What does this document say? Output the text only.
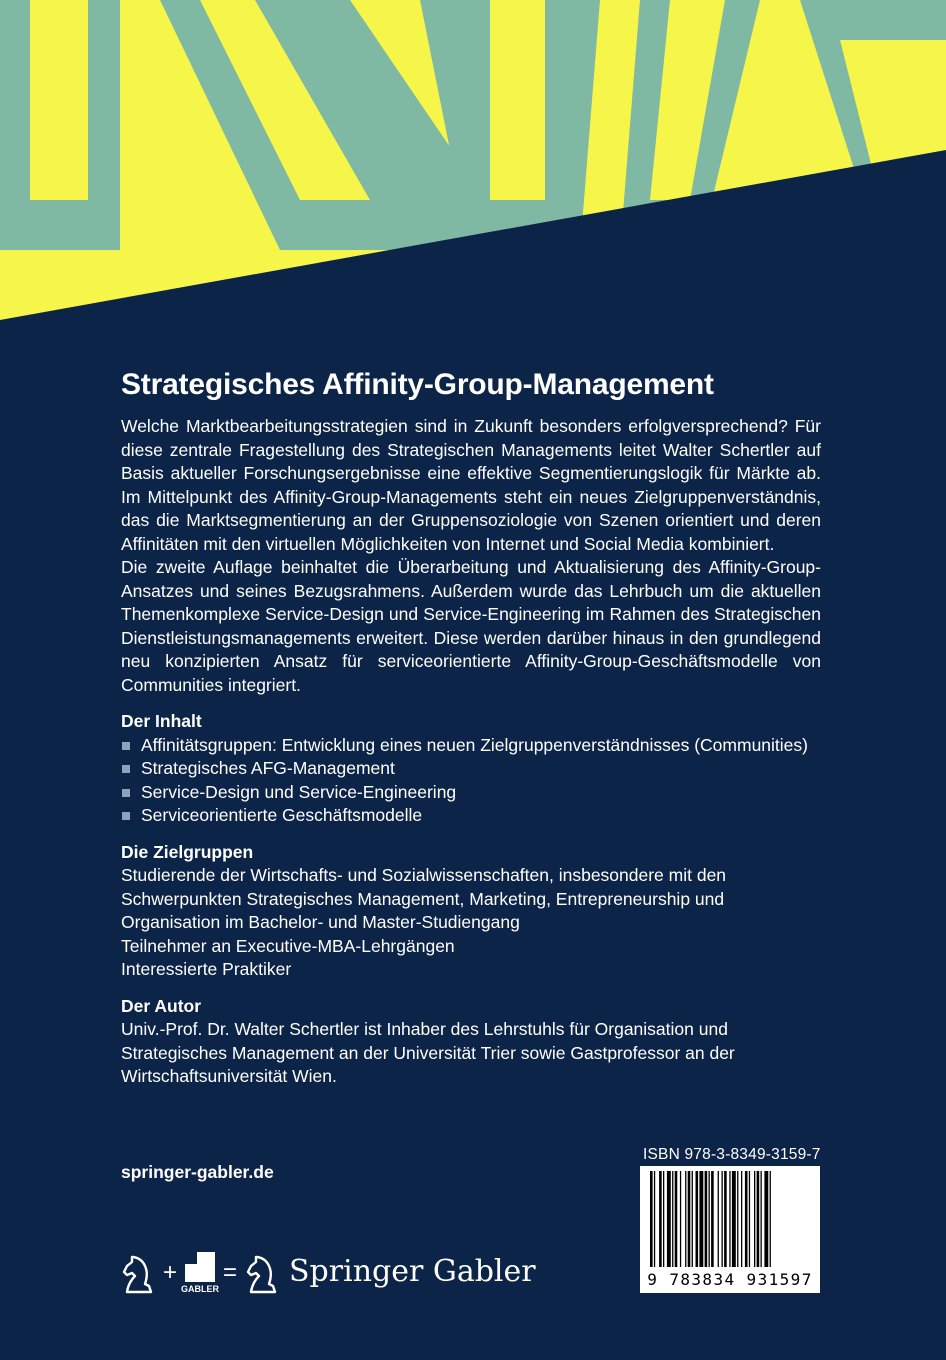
Strategisches Affinity-Group-Management

Welche Marktbearbeitungsstrategien sind in Zukunft besonders erfolgversprechend? Für diese zentrale Fragestellung des Strategischen Managements leitet Walter Schertler auf Basis aktueller Forschungsergebnisse eine effektive Segmentierungslogik für Märkte ab. Im Mittelpunkt des Affinity-Group-Managements steht ein neues Zielgruppenverständnis, das die Marktsegmentierung an der Gruppensoziologie von Szenen orientiert und deren Affinitäten mit den virtuellen Möglichkeiten von Internet und Social Media kombiniert.

Die zweite Auflage beinhaltet die Überarbeitung und Aktualisierung des Affinity-Group-Ansatzes und seines Bezugsrahmens. Außerdem wurde das Lehrbuch um die aktuellen Themenkomplexe Service-Design und Service-Engineering im Rahmen des Strategischen Dienstleistungsmanagements erweitert. Diese werden darüber hinaus in den grundlegend neu konzipierten Ansatz für serviceorientierte Affinity-Group-Geschäftsmodelle von Communities integriert.

Der Inhalt
Affinitätsgruppen: Entwicklung eines neuen Zielgruppenverständnisses (Communities)
Strategisches AFG-Management
Service-Design und Service-Engineering
Serviceorientierte Geschäftsmodelle
Die Zielgruppen
Studierende der Wirtschafts- und Sozialwissenschaften, insbesondere mit den Schwerpunkten Strategisches Management, Marketing, Entrepreneurship und Organisation im Bachelor- und Master-Studiengang
Teilnehmer an Executive-MBA-Lehrgängen
Interessierte Praktiker
Der Autor

Univ.-Prof. Dr. Walter Schertler ist Inhaber des Lehrstuhls für Organisation und Strategisches Management an der Universität Trier sowie Gastprofessor an der Wirtschaftsuniversität Wien.

springer-gabler.de
+
GABLER
= Springer Gabler
ISBN 978-3-8349-3159-7
9 783834 931597
